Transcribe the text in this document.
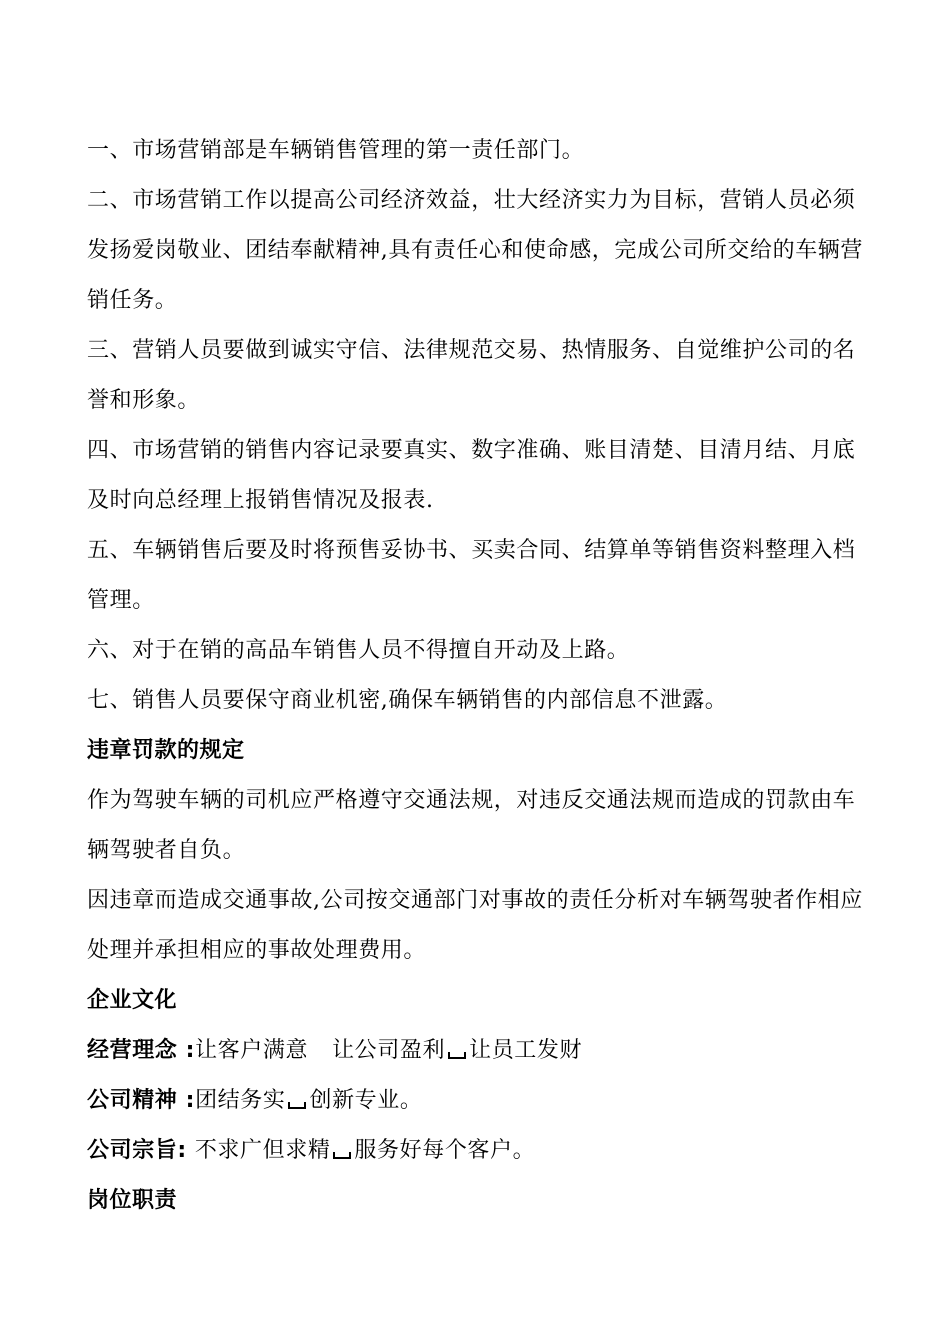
一、市场营销部是车辆销售管理的第一责任部门。
二、市场营销工作以提高公司经济效益，壮大经济实力为目标，营销人员必须
发扬爱岗敬业、团结奉献精神,具有责任心和使命感，完成公司所交给的车辆营
销任务。
三、营销人员要做到诚实守信、法律规范交易、热情服务、自觉维护公司的名
誉和形象。
四、市场营销的销售内容记录要真实、数字准确、账目清楚、目清月结、月底
及时向总经理上报销售情况及报表.
五、车辆销售后要及时将预售妥协书、买卖合同、结算单等销售资料整理入档
管理。
六、对于在销的高品车销售人员不得擅自开动及上路。
七、销售人员要保守商业机密,确保车辆销售的内部信息不泄露。
违章罚款的规定
作为驾驶车辆的司机应严格遵守交通法规，对违反交通法规而造成的罚款由车
辆驾驶者自负。
因违章而造成交通事故,公司按交通部门对事故的责任分析对车辆驾驶者作相应
处理并承担相应的事故处理费用。
企业文化
经营理念 :让客户满意 让公司盈利 让员工发财
公司精神 :团结务实 创新专业。
公司宗旨: 不求广但求精 服务好每个客户。
岗位职责
